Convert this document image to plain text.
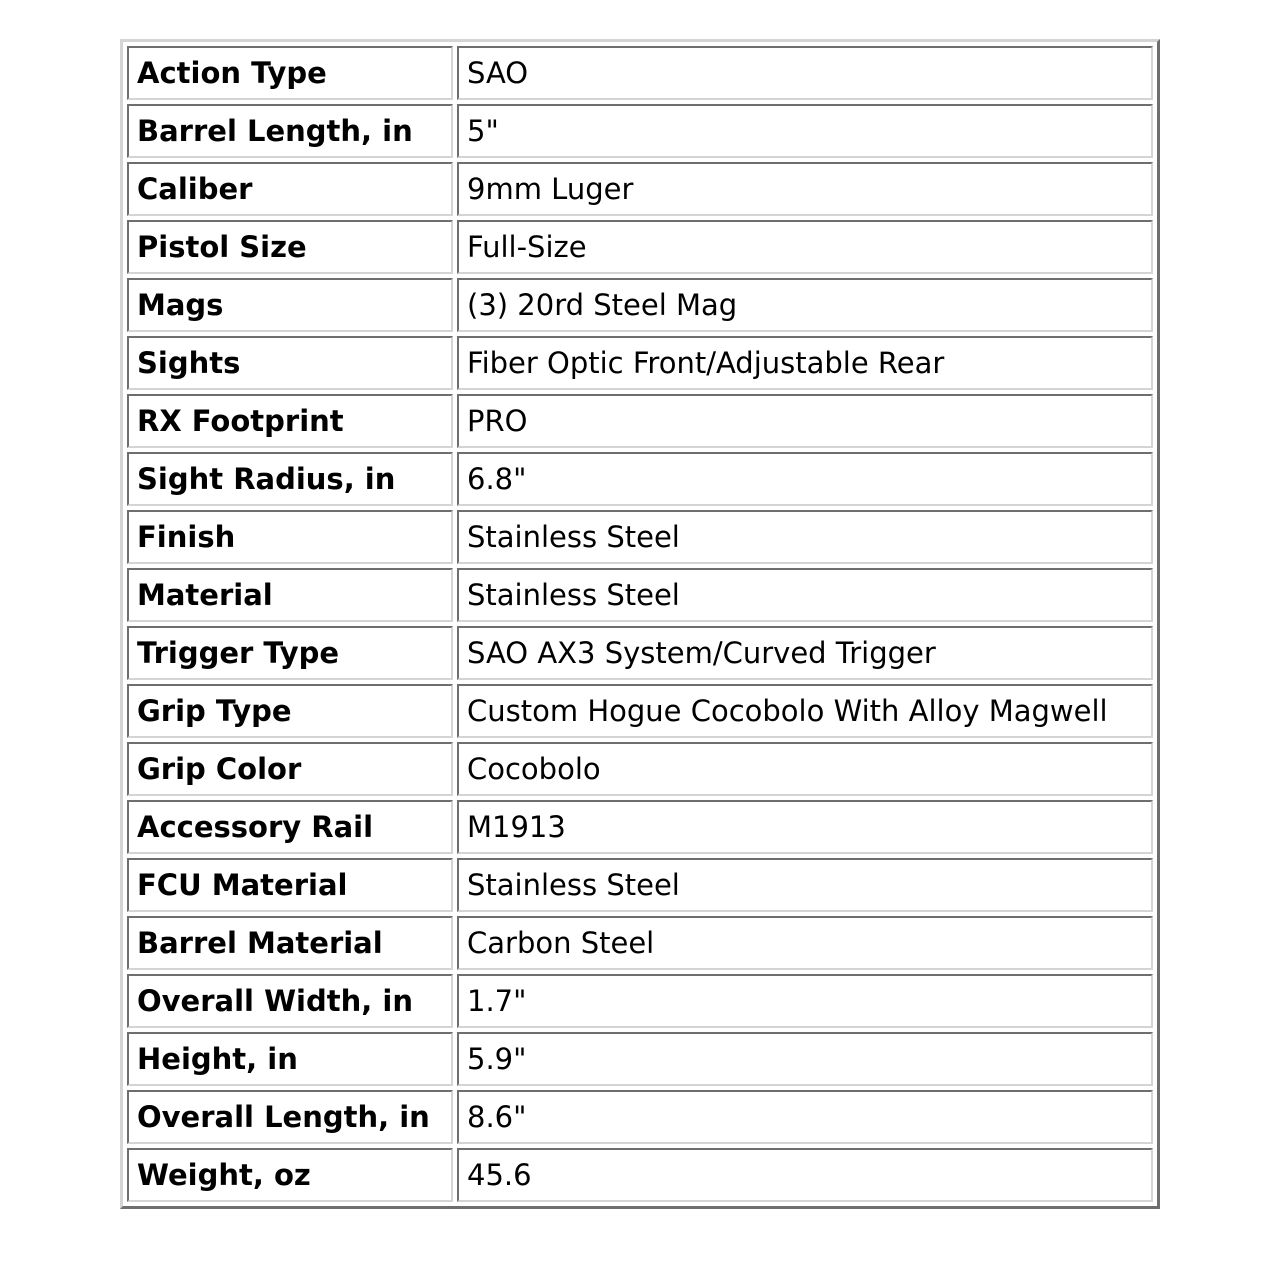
Action Type	SAO
Barrel Length, in	5"
Caliber	9mm Luger
Pistol Size	Full-Size
Mags	(3) 20rd Steel Mag
Sights	Fiber Optic Front/Adjustable Rear
RX Footprint	PRO
Sight Radius, in	6.8"
Finish	Stainless Steel
Material	Stainless Steel
Trigger Type	SAO AX3 System/Curved Trigger
Grip Type	Custom Hogue Cocobolo With Alloy Magwell
Grip Color	Cocobolo
Accessory Rail	M1913
FCU Material	Stainless Steel
Barrel Material	Carbon Steel
Overall Width, in	1.7"
Height, in	5.9"
Overall Length, in	8.6"
Weight, oz	45.6
